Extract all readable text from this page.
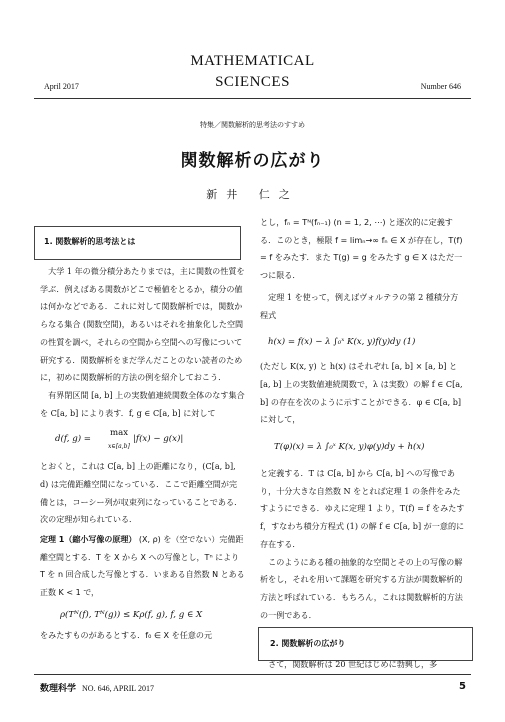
MATHEMATICAL
April 2017	SCIENCES	Number 646
特集／関数解析的思考法のすすめ
関数解析の広がり
新井 仁之
1. 関数解析的思考法とは

大学 1 年の微分積分あたりまでは，主に関数の性質を学ぶ．例えばある関数がどこで極値をとるか，積分の値は何かなどである．これに対して関数解析では，関数からなる集合 (関数空間)，あるいはそれを抽象化した空間の性質を調べ，それらの空間から空間への写像について研究する．関数解析をまだ学んだことのない読者のために，初めに関数解析的方法の例を紹介しておこう．

有界閉区間 [a, b] 上の実数値連続関数全体のなす集合を C[a, b] により表す．f, g ∈ C[a, b] に対して

d(f, g) =
max
x∈[a,b]
|f(x) − g(x)|

とおくと，これは C[a, b] 上の距離になり，(C[a, b], d) は完備距離空間になっている．ここで距離空間が完備とは，コーシー列が収束列になっていることである．次の定理が知られている．

定理 1（縮小写像の原理） (X, ρ) を（空でない）完備距離空間とする．T を X から X への写像とし，Tⁿ により T を n 回合成した写像とする．いまある自然数 N とある正数 K < 1 で，
ρ(Tᴺ(f), Tᴺ(g)) ≤ Kρ(f, g), f, g ∈ X

をみたすものがあるとする．f₀ ∈ X を任意の元

とし，fₙ = Tᴺ(fₙ₋₁) (n = 1, 2, ⋯) と逐次的に定義する．このとき，極限 f = limₙ→∞ fₙ ∈ X が存在し，T(f) = f をみたす．また T(g) = g をみたす g ∈ X はただ一つに限る．

定理 1 を使って，例えばヴォルテラの第 2 種積分方程式

h(x) = f(x) − λ ∫₀ˣ K(x, y)f(y)dy (1)

(ただし K(x, y) と h(x) はそれぞれ [a, b] × [a, b] と [a, b] 上の実数値連続関数で，λ は実数）の解 f ∈ C[a, b] の存在を次のように示すことができる．φ ∈ C[a, b] に対して，

T(φ)(x) = λ ∫₀ˣ K(x, y)φ(y)dy + h(x)

と定義する．T は C[a, b] から C[a, b] への写像であり，十分大きな自然数 N をとれば定理 1 の条件をみたすようにできる．ゆえに定理 1 より，T(f) = f をみたす f，すなわち積分方程式 (1) の解 f ∈ C[a, b] が一意的に存在する．

このようにある種の抽象的な空間とその上の写像の解析をし，それを用いて課題を研究する方法が関数解析的方法と呼ばれている．もちろん，これは関数解析的方法の一例である．

2. 関数解析の広がり

さて，関数解析は 20 世紀はじめに勃興し，多

数理科学 NO. 646, APRIL 2017	5
